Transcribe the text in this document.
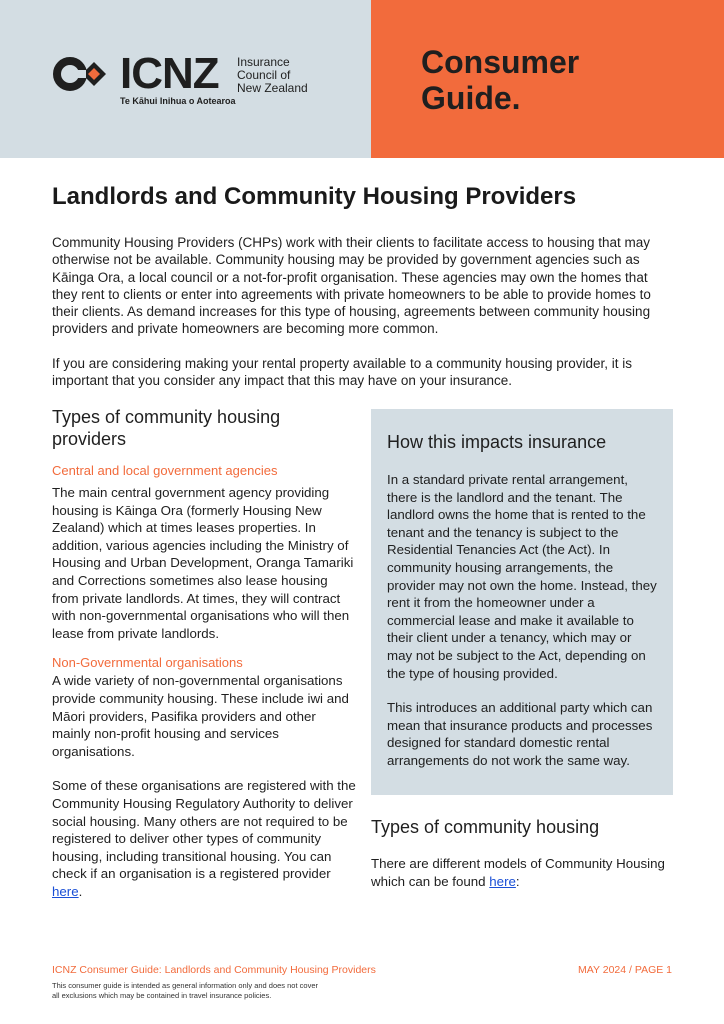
ICNZ Insurance
Council of
New Zealand
Te Kāhui Inihua o Aotearoa
Consumer
Guide.
Landlords and Community Housing Providers

Community Housing Providers (CHPs) work with their clients to facilitate access to housing that may otherwise not be available. Community housing may be provided by government agencies such as Kāinga Ora, a local council or a not-for-profit organisation. These agencies may own the homes that they rent to clients or enter into agreements with private homeowners to be able to provide homes to their clients. As demand increases for this type of housing, agreements between community housing providers and private homeowners are becoming more common.

If you are considering making your rental property available to a community housing provider, it is important that you consider any impact that this may have on your insurance.

Types of community housing providers
Central and local government agencies

The main central government agency providing housing is Kāinga Ora (formerly Housing New Zealand) which at times leases properties. In addition, various agencies including the Ministry of Housing and Urban Development, Oranga Tamariki and Corrections sometimes also lease housing from private landlords. At times, they will contract with non-governmental organisations who will then lease from private landlords.

Non-Governmental organisations

A wide variety of non-governmental organisations provide community housing. These include iwi and Māori providers, Pasifika providers and other mainly non-profit housing and services organisations.

Some of these organisations are registered with the Community Housing Regulatory Authority to deliver social housing. Many others are not required to be registered to deliver other types of community housing, including transitional housing. You can check if an organisation is a registered provider here.

How this impacts insurance

In a standard private rental arrangement, there is the landlord and the tenant. The landlord owns the home that is rented to the tenant and the tenancy is subject to the Residential Tenancies Act (the Act). In community housing arrangements, the provider may not own the home. Instead, they rent it from the homeowner under a commercial lease and make it available to their client under a tenancy, which may or may not be subject to the Act, depending on the type of housing provided.

This introduces an additional party which can mean that insurance products and processes designed for standard domestic rental arrangements do not work the same way.

Types of community housing

There are different models of Community Housing which can be found here:

ICNZ Consumer Guide: Landlords and Community Housing Providers	MAY 2024 / PAGE 1
This consumer guide is intended as general information only and does not cover
all exclusions which may be contained in travel insurance policies.
